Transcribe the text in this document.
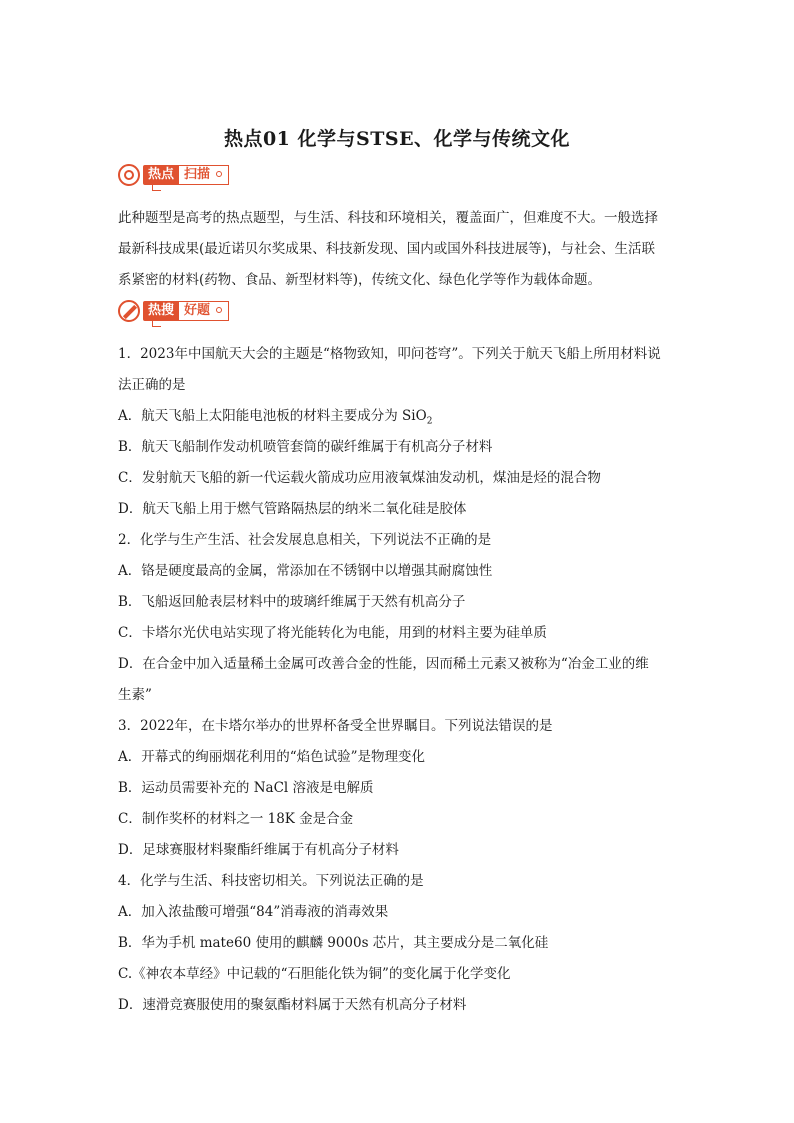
热点01 化学与STSE、化学与传统文化
热点 扫描
此种题型是高考的热点题型，与生活、科技和环境相关，覆盖面广，但难度不大。一般选择
最新科技成果(最近诺贝尔奖成果、科技新发现、国内或国外科技进展等)，与社会、生活联
系紧密的材料(药物、食品、新型材料等)，传统文化、绿色化学等作为载体命题。
热搜 好题
1．2023年中国航天大会的主题是“格物致知，叩问苍穹”。下列关于航天飞船上所用材料说
法正确的是
A．航天飞船上太阳能电池板的材料主要成分为 SiO$_2$
B．航天飞船制作发动机喷管套筒的碳纤维属于有机高分子材料
C．发射航天飞船的新一代运载火箭成功应用液氧煤油发动机，煤油是烃的混合物
D．航天飞船上用于燃气管路隔热层的纳米二氧化硅是胶体
2．化学与生产生活、社会发展息息相关，下列说法不正确的是
A．铬是硬度最高的金属，常添加在不锈钢中以增强其耐腐蚀性
B．飞船返回舱表层材料中的玻璃纤维属于天然有机高分子
C．卡塔尔光伏电站实现了将光能转化为电能，用到的材料主要为硅单质
D．在合金中加入适量稀土金属可改善合金的性能，因而稀土元素又被称为“冶金工业的维
生素”
3．2022年，在卡塔尔举办的世界杯备受全世界瞩目。下列说法错误的是
A．开幕式的绚丽烟花利用的“焰色试验”是物理变化
B．运动员需要补充的 NaCl 溶液是电解质
C．制作奖杯的材料之一 18K 金是合金
D．足球赛服材料聚酯纤维属于有机高分子材料
4．化学与生活、科技密切相关。下列说法正确的是
A．加入浓盐酸可增强“84”消毒液的消毒效果
B．华为手机 mate60 使用的麒麟 9000s 芯片，其主要成分是二氧化硅
C.《神农本草经》中记载的“石胆能化铁为铜”的变化属于化学变化
D．速滑竞赛服使用的聚氨酯材料属于天然有机高分子材料
